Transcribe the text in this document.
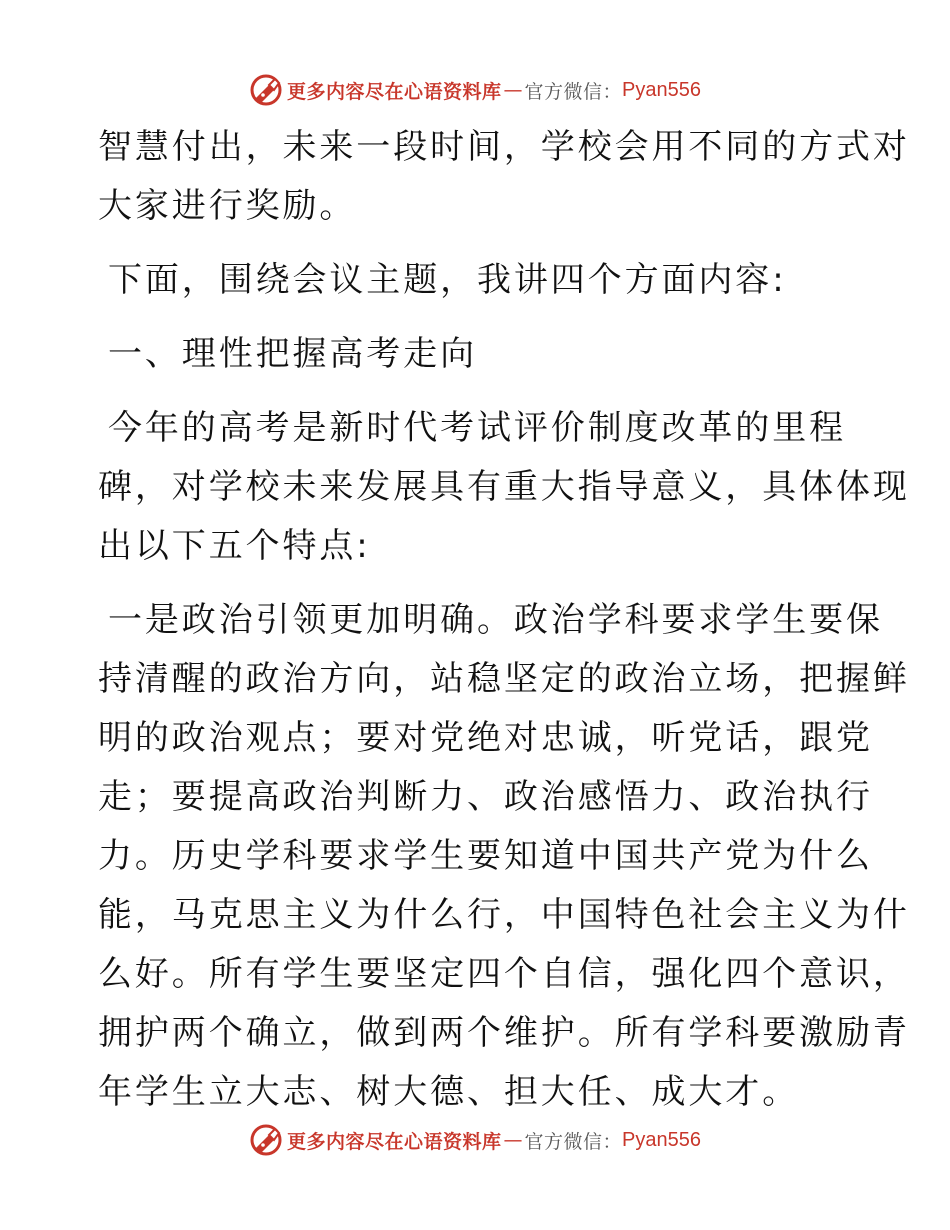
更多内容尽在心语资料库 — 官方微信： Pyan556
智慧付出，未来一段时间，学校会用不同的方式对
大家进行奖励。
下面，围绕会议主题，我讲四个方面内容:
一、理性把握高考走向
今年的高考是新时代考试评价制度改革的里程
碑，对学校未来发展具有重大指导意义，具体体现
出以下五个特点:
一是政治引领更加明确。政治学科要求学生要保
持清醒的政治方向，站稳坚定的政治立场，把握鲜
明的政治观点；要对党绝对忠诚，听党话，跟党
走；要提高政治判断力、政治感悟力、政治执行
力。历史学科要求学生要知道中国共产党为什么
能，马克思主义为什么行，中国特色社会主义为什
么好。所有学生要坚定四个自信，强化四个意识，
拥护两个确立，做到两个维护。所有学科要激励青
年学生立大志、树大德、担大任、成大才。
更多内容尽在心语资料库 — 官方微信： Pyan556
